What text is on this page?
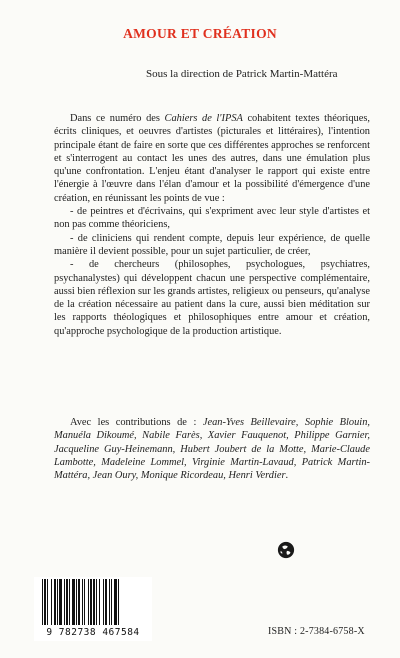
AMOUR ET CRÉATION
Sous la direction de Patrick Martin-Mattéra

Dans ce numéro des Cahiers de l'IPSA cohabitent textes théoriques, écrits cliniques, et oeuvres d'artistes (picturales et littéraires), l'intention principale étant de faire en sorte que ces différentes approches se renforcent et s'interrogent au contact les unes des autres, dans une émulation plus qu'une confrontation. L'enjeu étant d'analyser le rapport qui existe entre l'énergie à l'œuvre dans l'élan d'amour et la possibilité d'émergence d'une création, en réunissant les points de vue :

- de peintres et d'écrivains, qui s'expriment avec leur style d'artistes et non pas comme théoriciens,

- de cliniciens qui rendent compte, depuis leur expérience, de quelle manière il devient possible, pour un sujet particulier, de créer,

- de chercheurs (philosophes, psychologues, psychiatres, psychanalystes) qui développent chacun une perspective complémentaire, aussi bien réflexion sur les grands artistes, religieux ou penseurs, qu'analyse de la création nécessaire au patient dans la cure, aussi bien méditation sur les rapports théologiques et philosophiques entre amour et création, qu'approche psychologique de la production artistique.

Avec les contributions de : Jean-Yves Beillevaire, Sophie Blouin, Manuéla Dikoumé, Nabile Farès, Xavier Fauquenot, Philippe Garnier, Jacqueline Guy-Heinemann, Hubert Joubert de la Motte, Marie-Claude Lambotte, Madeleine Lommel, Virginie Martin-Lavaud, Patrick Martin-Mattéra, Jean Oury, Monique Ricordeau, Henri Verdier.
9 782738 467584	ISBN : 2-7384-6758-X
